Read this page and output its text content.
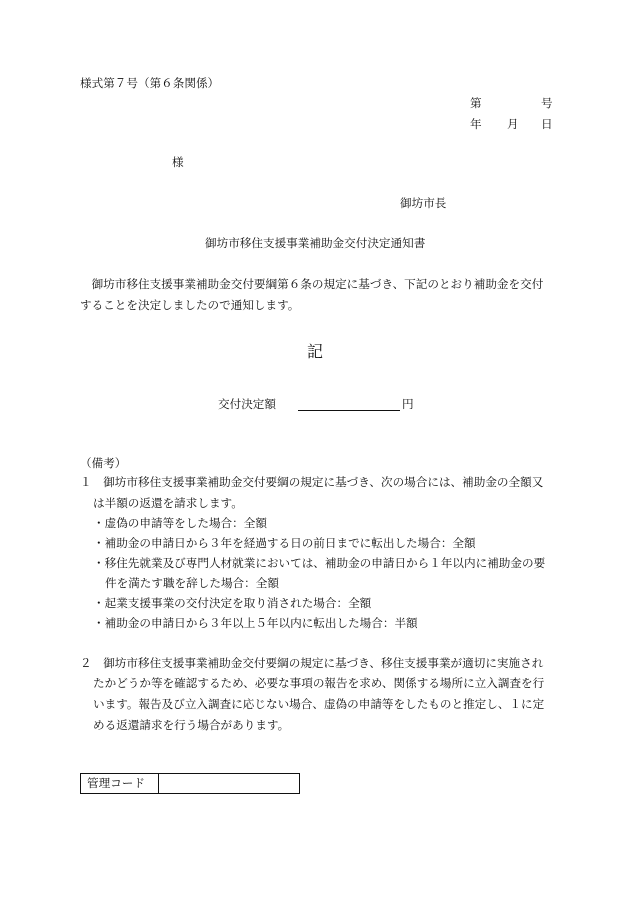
様式第７号（第６条関係）
第	号
年 月 日
様
御坊市長
御坊市移住支援事業補助金交付決定通知書
　御坊市移住支援事業補助金交付要綱第６条の規定に基づき、下記のとおり補助金を交付
することを決定しましたので通知します。
記
交付決定額	円
（備考）
１　御坊市移住支援事業補助金交付要綱の規定に基づき、次の場合には、補助金の全額又
は半額の返還を請求します。
・虚偽の申請等をした場合：全額
・補助金の申請日から３年を経過する日の前日までに転出した場合：全額
・移住先就業及び専門人材就業においては、補助金の申請日から１年以内に補助金の要
件を満たす職を辞した場合：全額
・起業支援事業の交付決定を取り消された場合：全額
・補助金の申請日から３年以上５年以内に転出した場合：半額
２　御坊市移住支援事業補助金交付要綱の規定に基づき、移住支援事業が適切に実施され
たかどうか等を確認するため、必要な事項の報告を求め、関係する場所に立入調査を行
います。報告及び立入調査に応じない場合、虚偽の申請等をしたものと推定し、１に定
める返還請求を行う場合があります。
管理コード
